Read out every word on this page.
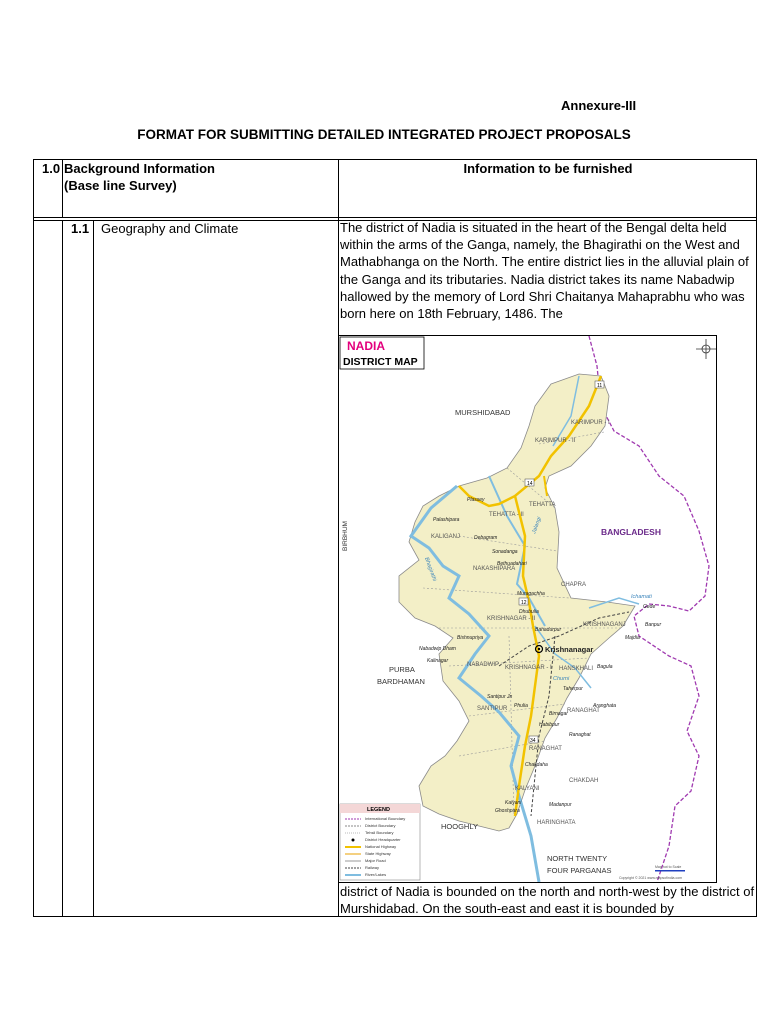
Annexure-III
FORMAT FOR SUBMITTING DETAILED INTEGRATED PROJECT PROPOSALS
1.0 Background Information
(Base line Survey)
Information to be furnished
1.1 Geography and Climate	The district of Nadia is situated in the heart of the Bengal delta held within the arms of the Ganga, namely, the Bhagirathi on the West and Mathabhanga on the North. The entire district lies in the alluvial plain of the Ganga and its tributaries. Nadia district takes its name Nabadwip hallowed by the memory of Lord Shri Chaitanya Mahaprabhu who was born here on 18th February, 1486. The
NADIA
DISTRICT MAP
MURSHIDABAD
BANGLADESH
BIRBHUM
PURBA
BARDHAMAN
HOOGHLY
NORTH TWENTY
FOUR PARGANAS
KARIMPUR - I
KARIMPUR - II
TEHATTA
TEHATTA - II
KALIGANJ
NAKASHIPARA
CHAPRA
KRISHNAGAR - II
KRISHNAGANJ
NABADWIP KRISHNAGAR - I HANSKHALI
SANTIPUR	RANAGHAT
RANAGHAT
CHAKDAH
KALYANI
HARINGHATA
Plassey
Palashipara
Debagram
Sonadanga
Bethuadahari
Muragachha
Dhubulia
Bahadurpur
Bishnupriya
Nabadwip Dham	Krishnanagar
Kalinagar
Majdia
Bagula
Santipur Jn
Phulia
Birnagar
Taherpur
Aranghata
Habibpur
Ranaghat
Chakdaha
Kalyani
Ghoshpara
Madanpur
Gede
Banpur
Bhagirathi
Jalangi
Churni
Ichamati
11
14
12
34
LEGEND
International Boundary
District Boundary
Tehsil Boundary
District Headquarter
National Highway
State Highway
Major Road
Railway
River/Lakes
Map not to Scale
Copyright © 2021 www.mapsofindia.com
district of Nadia is bounded on the north and north-west by the district of Murshidabad. On the south-east and east it is bounded by
